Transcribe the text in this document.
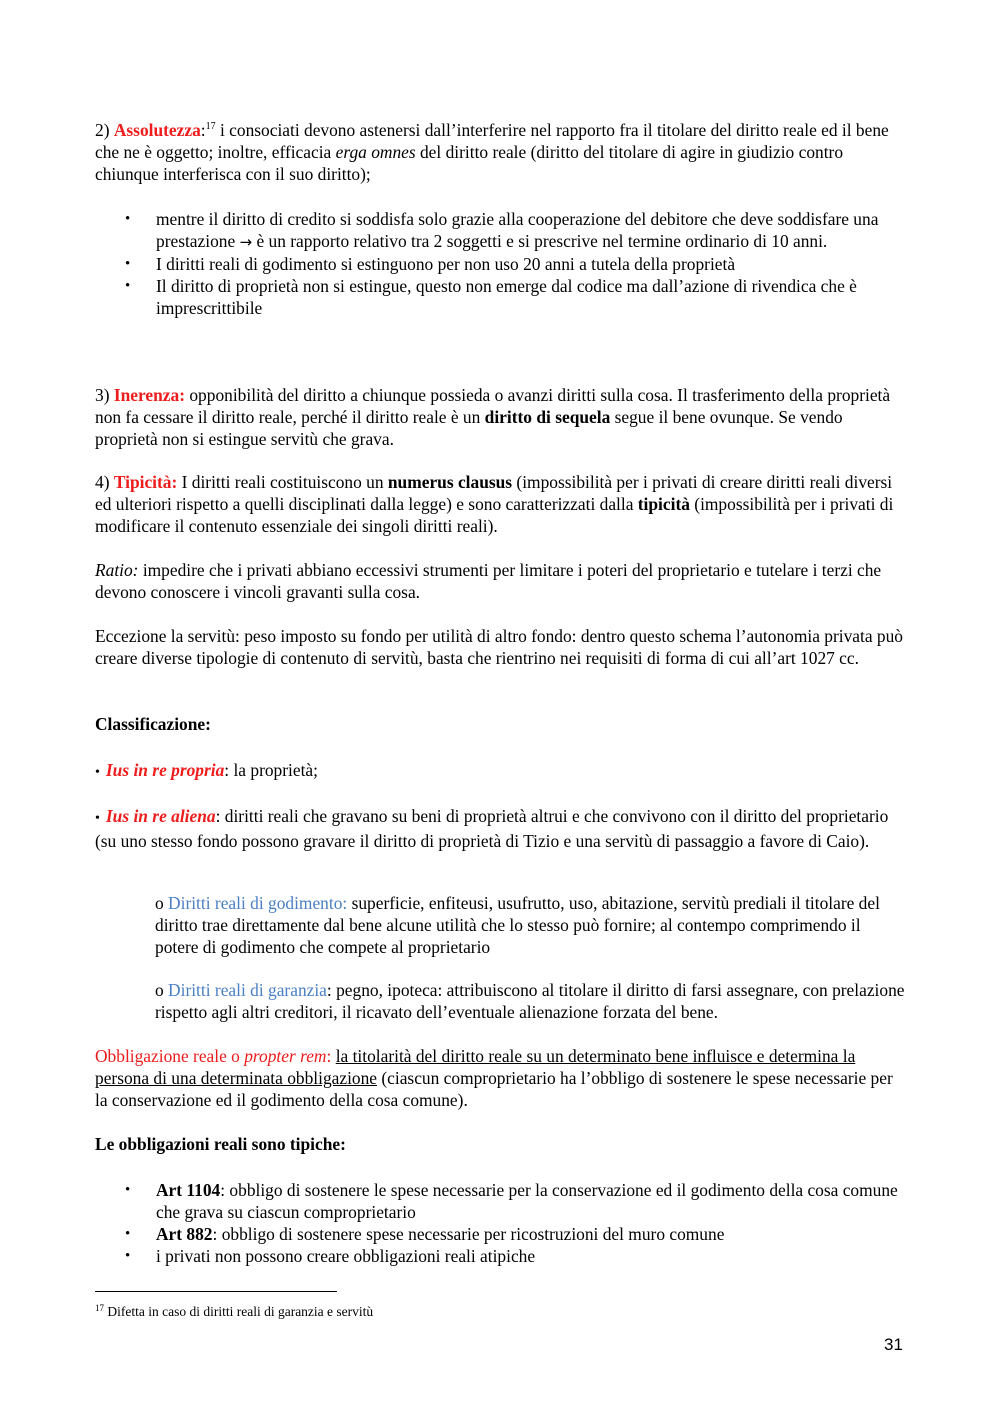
2) Assolutezza:$^{17}$ i consociati devono astenersi dall’interferire nel rapporto fra il titolare del diritto reale ed il bene che ne è oggetto; inoltre, efficacia erga omnes del diritto reale (diritto del titolare di agire in giudizio contro chiunque interferisca con il suo diritto);

• mentre il diritto di credito si soddisfa solo grazie alla cooperazione del debitore che deve soddisfare una prestazione → è un rapporto relativo tra 2 soggetti e si prescrive nel termine ordinario di 10 anni.
• I diritti reali di godimento si estinguono per non uso 20 anni a tutela della proprietà
• Il diritto di proprietà non si estingue, questo non emerge dal codice ma dall’azione di rivendica che è imprescrittibile

3) Inerenza: opponibilità del diritto a chiunque possieda o avanzi diritti sulla cosa. Il trasferimento della proprietà non fa cessare il diritto reale, perché il diritto reale è un diritto di sequela segue il bene ovunque. Se vendo proprietà non si estingue servitù che grava.

4) Tipicità: I diritti reali costituiscono un numerus clausus (impossibilità per i privati di creare diritti reali diversi ed ulteriori rispetto a quelli disciplinati dalla legge) e sono caratterizzati dalla tipicità (impossibilità per i privati di modificare il contenuto essenziale dei singoli diritti reali).

Ratio: impedire che i privati abbiano eccessivi strumenti per limitare i poteri del proprietario e tutelare i terzi che devono conoscere i vincoli gravanti sulla cosa.

Eccezione la servitù: peso imposto su fondo per utilità di altro fondo: dentro questo schema l’autonomia privata può creare diverse tipologie di contenuto di servitù, basta che rientrino nei requisiti di forma di cui all’art 1027 cc.

Classificazione:

• Ius in re propria: la proprietà;

• Ius in re aliena: diritti reali che gravano su beni di proprietà altrui e che convivono con il diritto del proprietario (su uno stesso fondo possono gravare il diritto di proprietà di Tizio e una servitù di passaggio a favore di Caio).

o Diritti reali di godimento: superficie, enfiteusi, usufrutto, uso, abitazione, servitù prediali il titolare del diritto trae direttamente dal bene alcune utilità che lo stesso può fornire; al contempo comprimendo il potere di godimento che compete al proprietario

o Diritti reali di garanzia: pegno, ipoteca: attribuiscono al titolare il diritto di farsi assegnare, con prelazione rispetto agli altri creditori, il ricavato dell’eventuale alienazione forzata del bene.

Obbligazione reale o propter rem: la titolarità del diritto reale su un determinato bene influisce e determina la persona di una determinata obbligazione (ciascun comproprietario ha l’obbligo di sostenere le spese necessarie per la conservazione ed il godimento della cosa comune).

Le obbligazioni reali sono tipiche:

• Art 1104: obbligo di sostenere le spese necessarie per la conservazione ed il godimento della cosa comune che grava su ciascun comproprietario
• Art 882: obbligo di sostenere spese necessarie per ricostruzioni del muro comune
• i privati non possono creare obbligazioni reali atipiche
$^{17}$ Difetta in caso di diritti reali di garanzia e servitù
31
